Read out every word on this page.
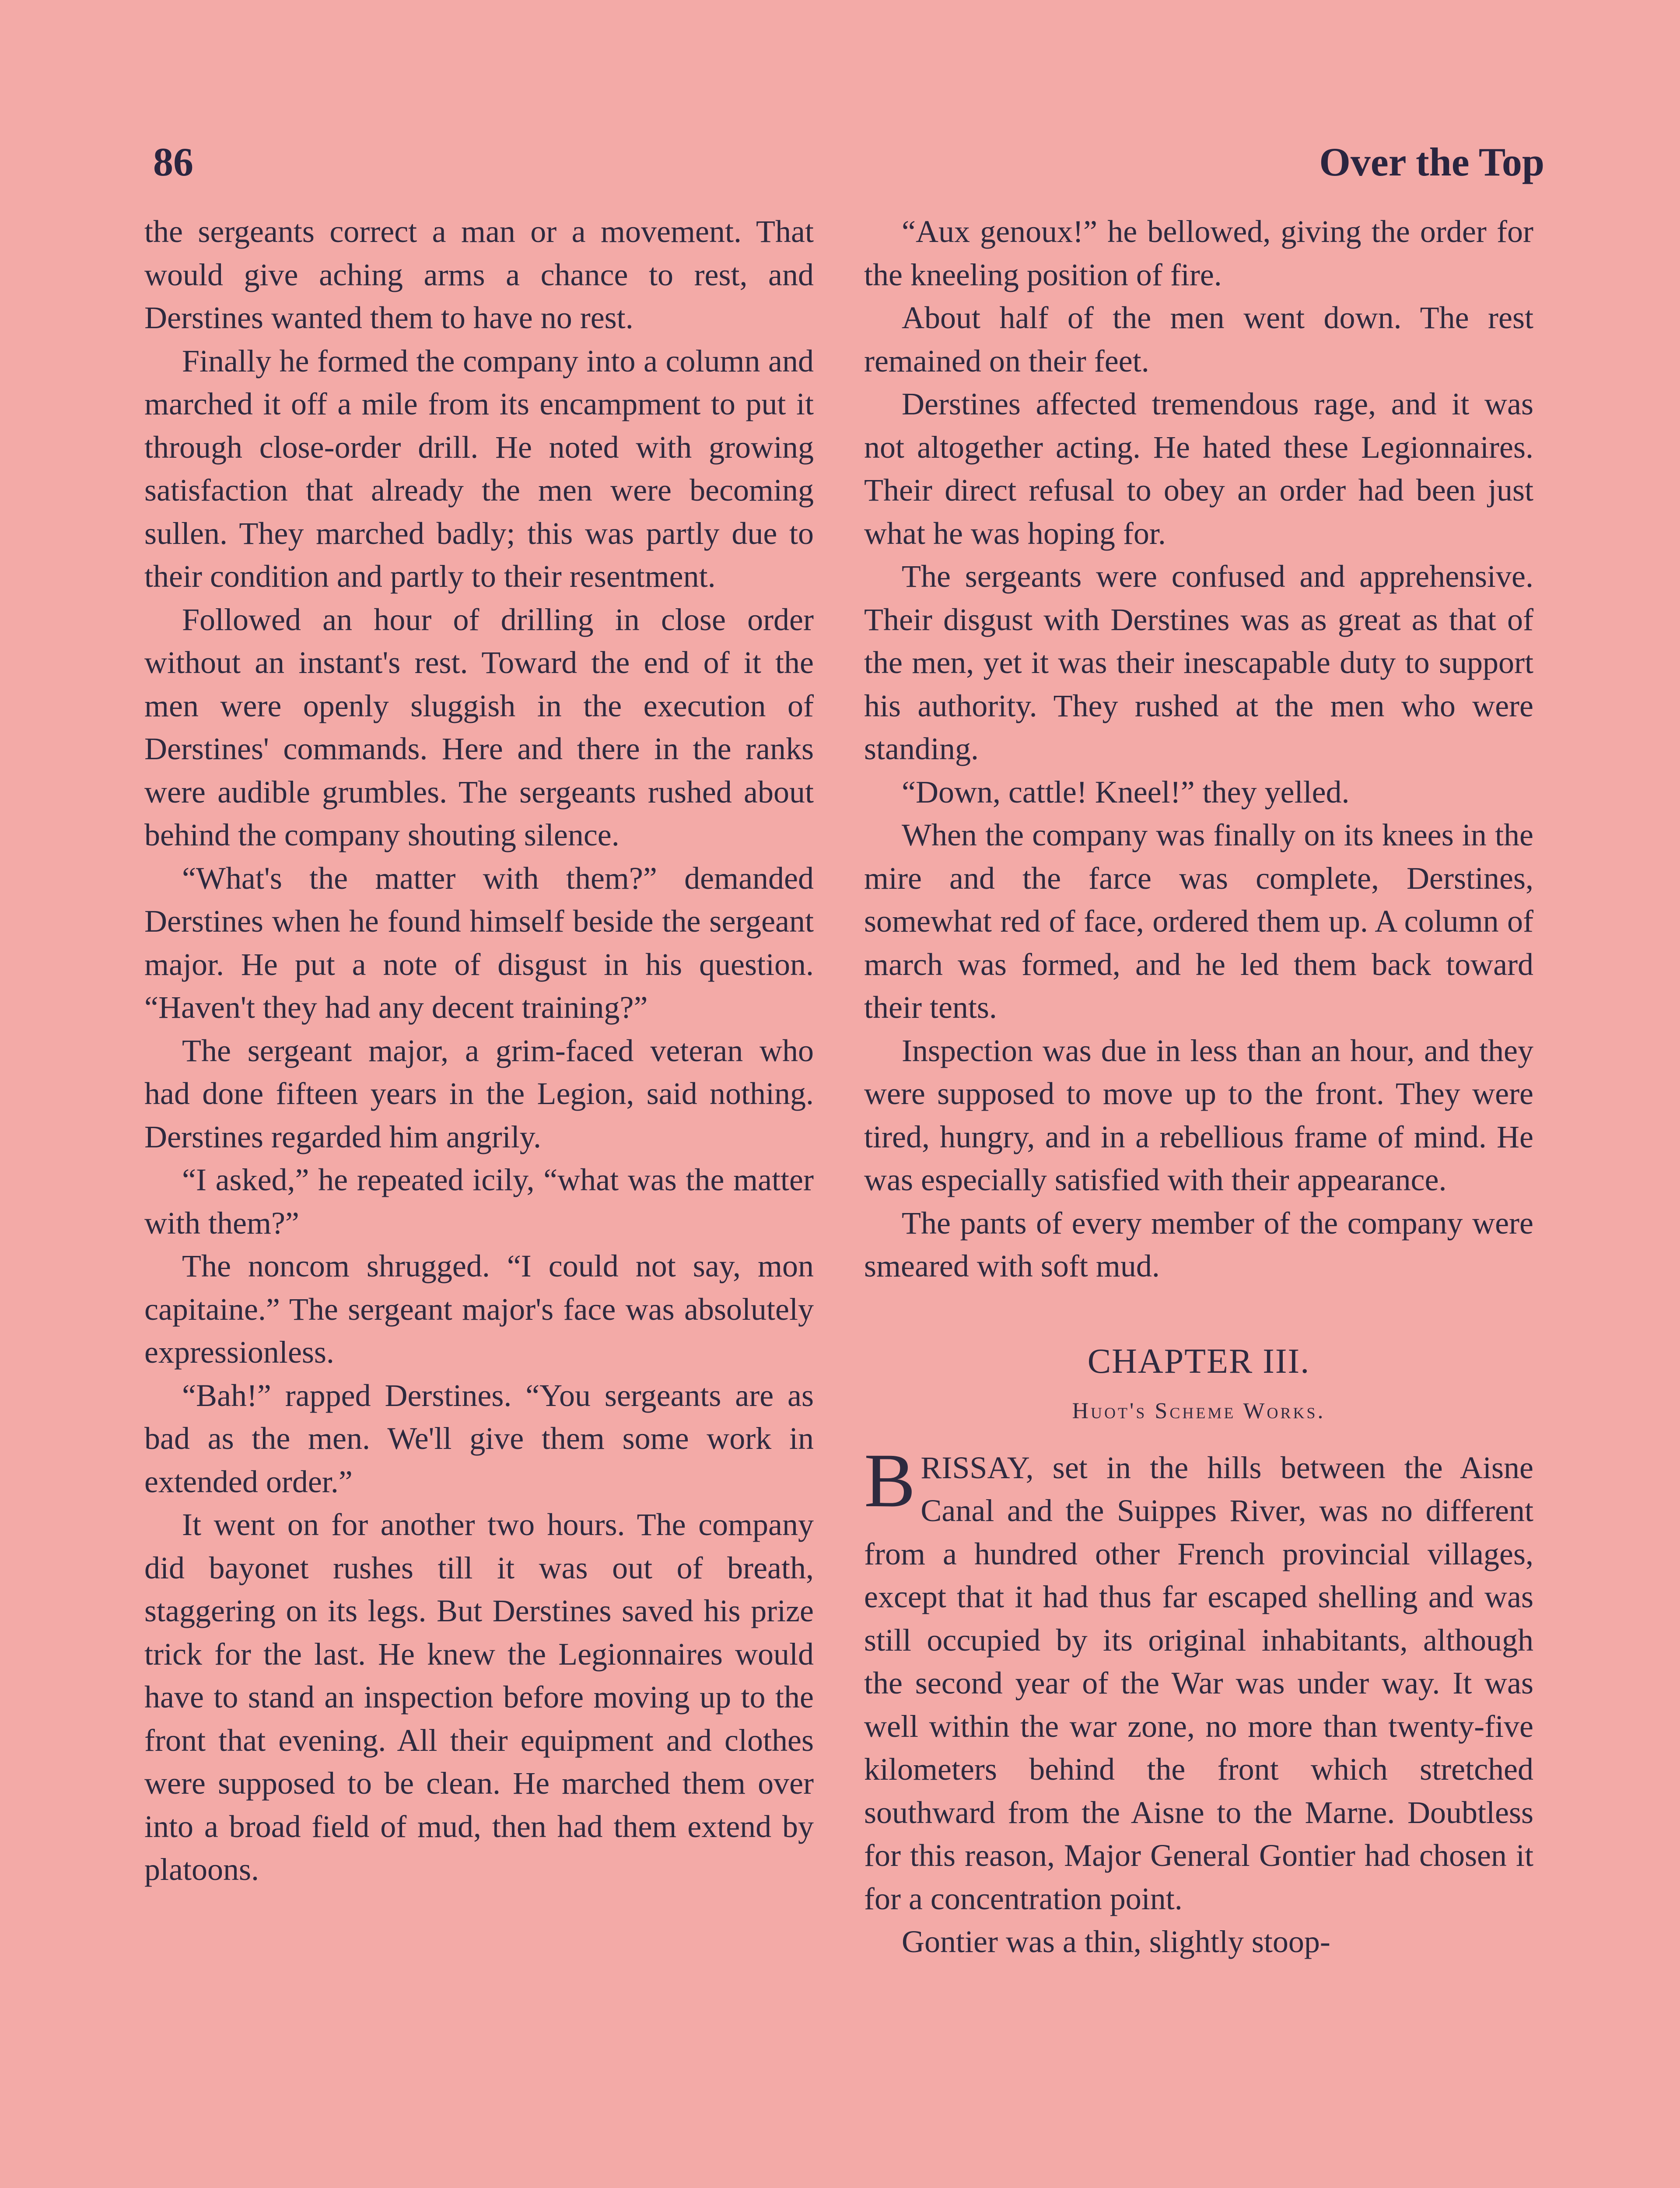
86	Over the Top

the sergeants correct a man or a movement. That would give aching arms a chance to rest, and Derstines wanted them to have no rest.

Finally he formed the company into a column and marched it off a mile from its encampment to put it through close-order drill. He noted with growing satisfaction that already the men were becoming sullen. They marched badly; this was partly due to their condition and partly to their resentment.

Followed an hour of drilling in close order without an instant's rest. Toward the end of it the men were openly sluggish in the execution of Derstines' commands. Here and there in the ranks were audible grumbles. The sergeants rushed about behind the company shouting silence.

“What's the matter with them?” demanded Derstines when he found himself beside the sergeant major. He put a note of disgust in his question. “Haven't they had any decent training?”

The sergeant major, a grim-faced veteran who had done fifteen years in the Legion, said nothing. Derstines regarded him angrily.

“I asked,” he repeated icily, “what was the matter with them?”

The noncom shrugged. “I could not say, mon capitaine.” The sergeant major's face was absolutely expressionless.

“Bah!” rapped Derstines. “You sergeants are as bad as the men. We'll give them some work in extended order.”

It went on for another two hours. The company did bayonet rushes till it was out of breath, staggering on its legs. But Derstines saved his prize trick for the last. He knew the Legionnaires would have to stand an inspection before moving up to the front that evening. All their equipment and clothes were supposed to be clean. He marched them over into a broad field of mud, then had them extend by platoons.

“Aux genoux!” he bellowed, giving the order for the kneeling position of fire.

About half of the men went down. The rest remained on their feet.

Derstines affected tremendous rage, and it was not altogether acting. He hated these Legionnaires. Their direct refusal to obey an order had been just what he was hoping for.

The sergeants were confused and apprehensive. Their disgust with Derstines was as great as that of the men, yet it was their inescapable duty to support his authority. They rushed at the men who were standing.

“Down, cattle! Kneel!” they yelled.

When the company was finally on its knees in the mire and the farce was complete, Derstines, somewhat red of face, ordered them up. A column of march was formed, and he led them back toward their tents.

Inspection was due in less than an hour, and they were supposed to move up to the front. They were tired, hungry, and in a rebellious frame of mind. He was especially satisfied with their appearance.

The pants of every member of the company were smeared with soft mud.

CHAPTER III.
Huot's Scheme Works.

BRISSAY, set in the hills between the Aisne Canal and the Suippes River, was no different from a hundred other French provincial villages, except that it had thus far escaped shelling and was still occupied by its original inhabitants, although the second year of the War was under way. It was well within the war zone, no more than twenty-five kilometers behind the front which stretched southward from the Aisne to the Marne. Doubtless for this reason, Major General Gontier had chosen it for a concentration point.

Gontier was a thin, slightly stoop-
